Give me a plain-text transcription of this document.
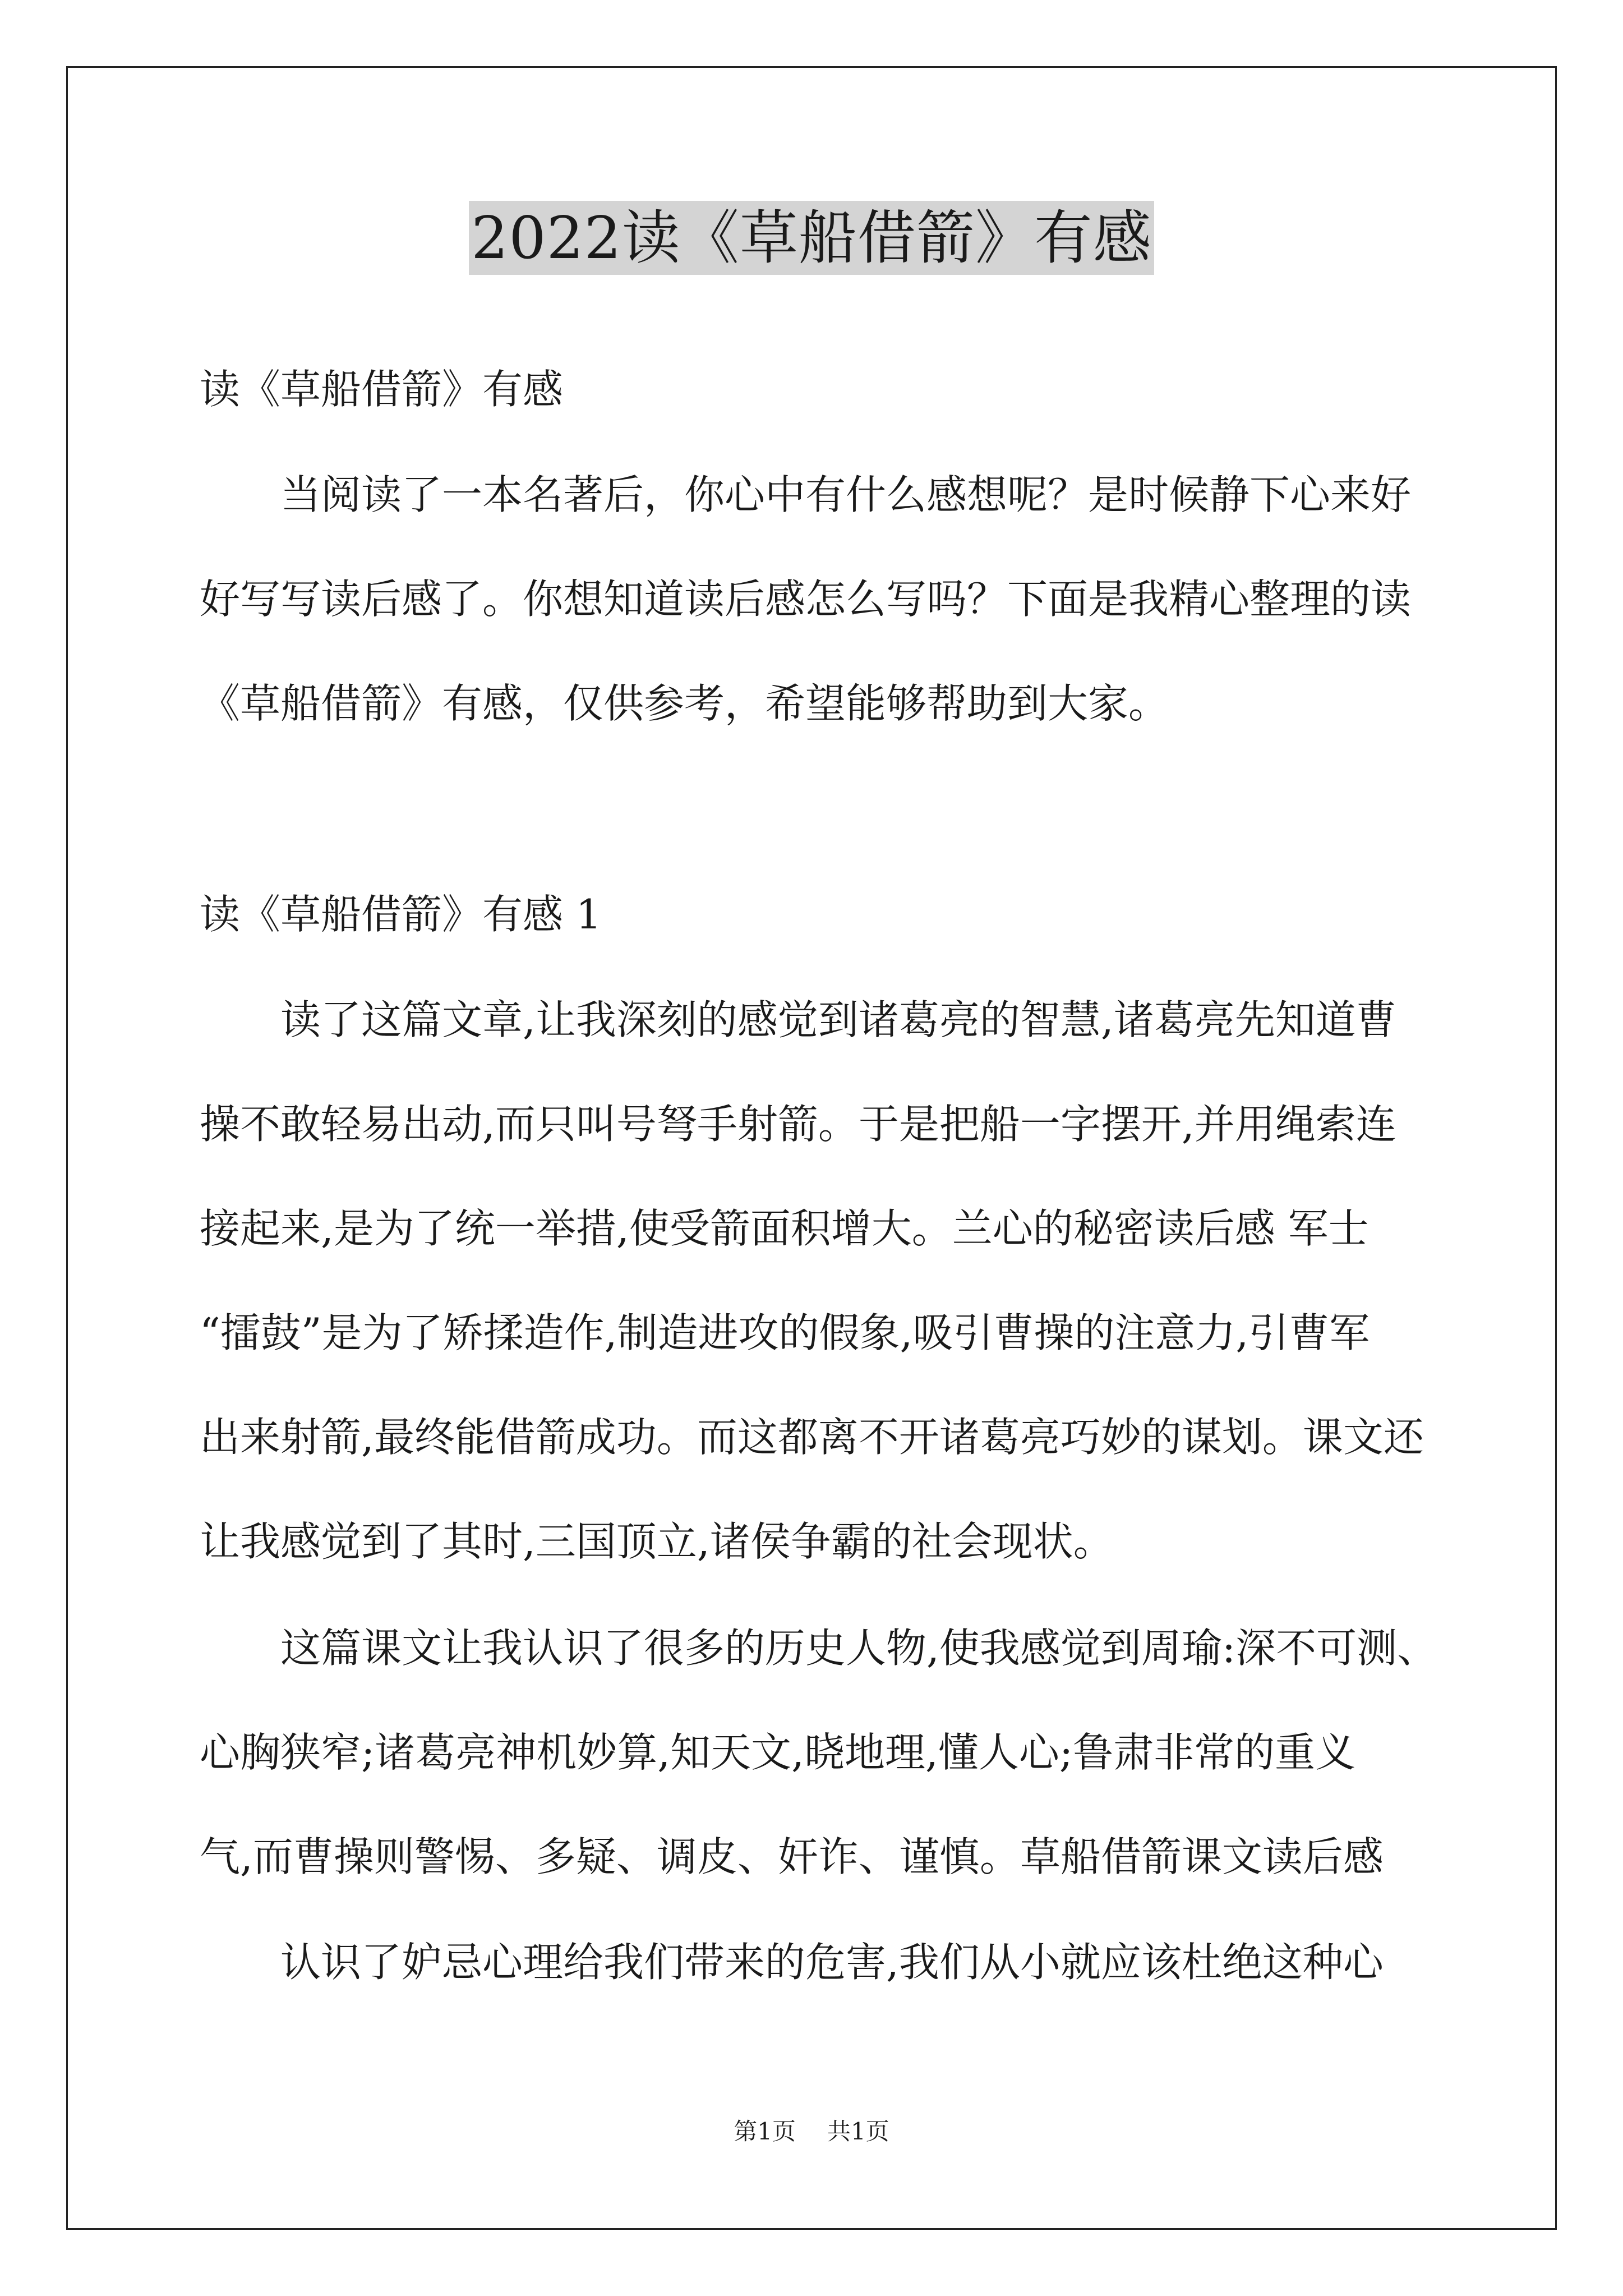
2022读《草船借箭》有感
读《草船借箭》有感
当阅读了一本名著后，你心中有什么感想呢？是时候静下心来好
好写写读后感了。你想知道读后感怎么写吗？下面是我精心整理的读
《草船借箭》有感，仅供参考，希望能够帮助到大家。
读《草船借箭》有感 1
读了这篇文章,让我深刻的感觉到诸葛亮的智慧,诸葛亮先知道曹
操不敢轻易出动,而只叫号弩手射箭。于是把船一字摆开,并用绳索连
接起来,是为了统一举措,使受箭面积增大。兰心的秘密读后感 军士
“擂鼓”是为了矫揉造作,制造进攻的假象,吸引曹操的注意力,引曹军
出来射箭,最终能借箭成功。而这都离不开诸葛亮巧妙的谋划。课文还
让我感觉到了其时,三国顶立,诸侯争霸的社会现状。
这篇课文让我认识了很多的历史人物,使我感觉到周瑜:深不可测、
心胸狭窄;诸葛亮神机妙算,知天文,晓地理,懂人心;鲁肃非常的重义
气,而曹操则警惕、多疑、调皮、奸诈、谨慎。草船借箭课文读后感
认识了妒忌心理给我们带来的危害,我们从小就应该杜绝这种心
第1页 共1页
